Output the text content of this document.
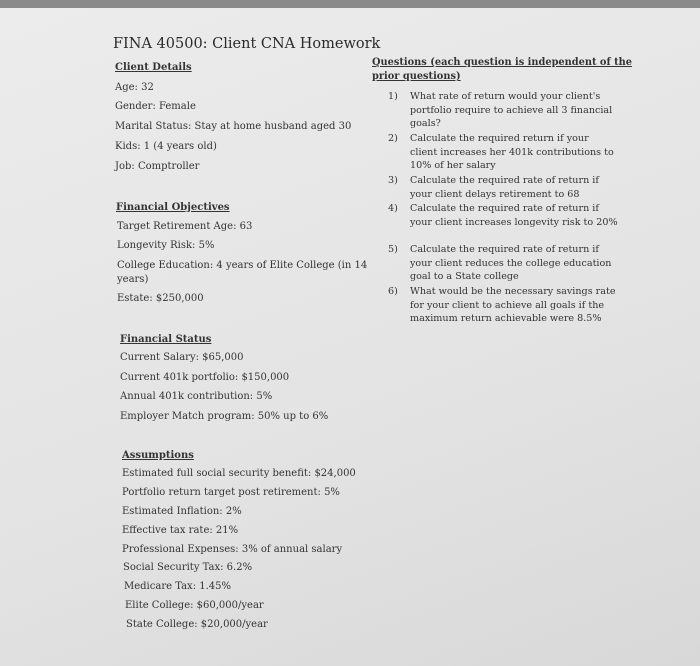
FINA 40500: Client CNA Homework
Client Details
Age: 32
Gender: Female
Marital Status: Stay at home husband aged 30
Kids: 1 (4 years old)
Job: Comptroller
Financial Objectives
Target Retirement Age: 63
Longevity Risk: 5%
College Education: 4 years of Elite College (in 14
years)
Estate: $250,000
Financial Status
Current Salary: $65,000
Current 401k portfolio: $150,000
Annual 401k contribution: 5%
Employer Match program: 50% up to 6%
Assumptions
Estimated full social security benefit: $24,000
Portfolio return target post retirement: 5%
Estimated Inflation: 2%
Effective tax rate: 21%
Professional Expenses: 3% of annual salary
Social Security Tax: 6.2%
Medicare Tax: 1.45%
Elite College: $60,000/year
State College: $20,000/year
Questions (each question is independent of the
prior questions)
1) What rate of return would your client's portfolio require to achieve all 3 financial goals?
2) Calculate the required return if your client increases her 401k contributions to 10% of her salary
3) Calculate the required rate of return if your client delays retirement to 68
4) Calculate the required rate of return if your client increases longevity risk to 20%
5) Calculate the required rate of return if your client reduces the college education goal to a State college
6) What would be the necessary savings rate for your client to achieve all goals if the maximum return achievable were 8.5%
